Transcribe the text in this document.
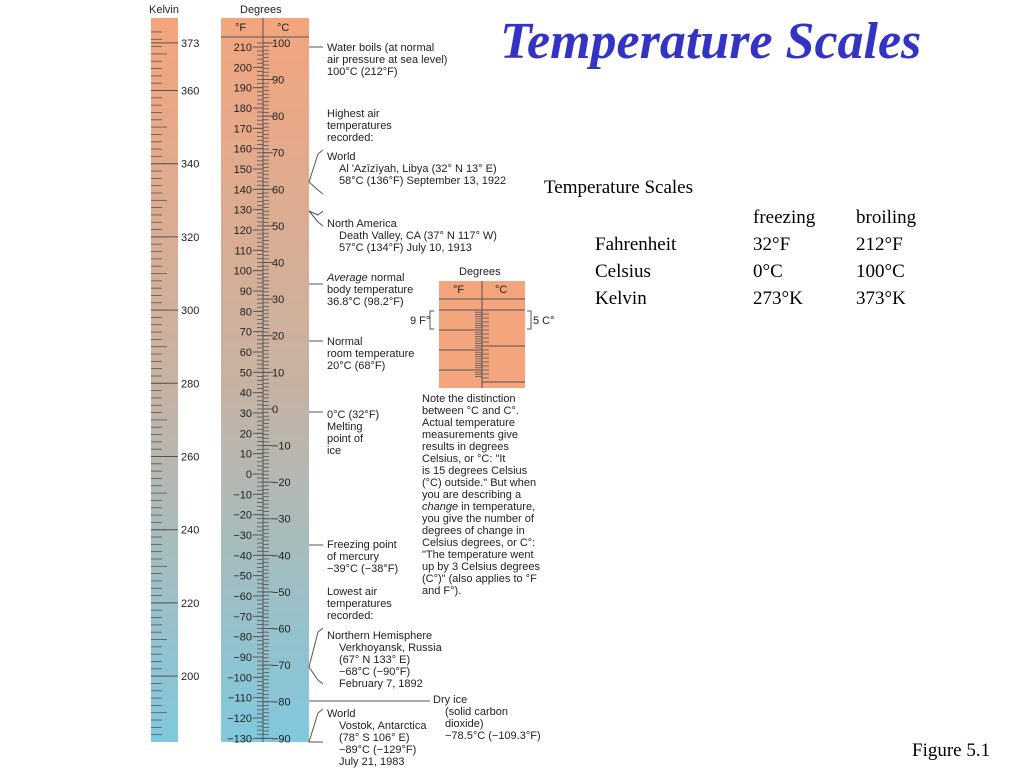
Kelvin
373
360
340
320
300
280
260
240
220
200
Degrees
°F	°C
210
200
190
180
170
160
150
140
130
120
110
100
90
80
70
60
50
40
30
20
10
0
−10
−20
−30
−40
−50
−60
−70
−80
−90
−100
−110
−120
−130
100
90
80
70
60
50
40
30
20
10
0
−10
−20
−30
−40
−50
−60
−70
−80
−90
Water boils (at normal air pressure at sea level) 100°C (212°F)
Highest air temperatures recorded:
World Al 'Azīzīyah, Libya (32° N 13° E) 58°C (136°F) September 13, 1922
North America Death Valley, CA (37° N 117° W) 57°C (134°F) July 10, 1913
Average normal body temperature 36.8°C (98.2°F)
Normal room temperature 20°C (68°F)
0°C (32°F) Melting point of ice
Freezing point of mercury −39°C (−38°F)
Lowest air temperatures recorded:
Northern Hemisphere Verkhoyansk, Russia (67° N 133° E) −68°C (−90°F) February 7, 1892
Dry ice (solid carbon dioxide) −78.5°C (−109.3°F)
World Vostok, Antarctica (78° S 106° E) −89°C (−129°F) July 21, 1983
Degrees
°F	°C
9 F°	5 C°
Note the distinction between °C and C°. Actual temperature measurements give results in degrees Celsius, or °C: "It is 15 degrees Celsius (°C) outside." But when you are describing a change in temperature, you give the number of degrees of change in Celsius degrees, or C°: "The temperature went up by 3 Celsius degrees (C°)" (also applies to °F and F°).
Temperature Scales
Temperature Scales
	freezing	broiling
Fahrenheit	32°F	212°F
Celsius	0°C	100°C
Kelvin	273°K	373°K
Figure 5.1
